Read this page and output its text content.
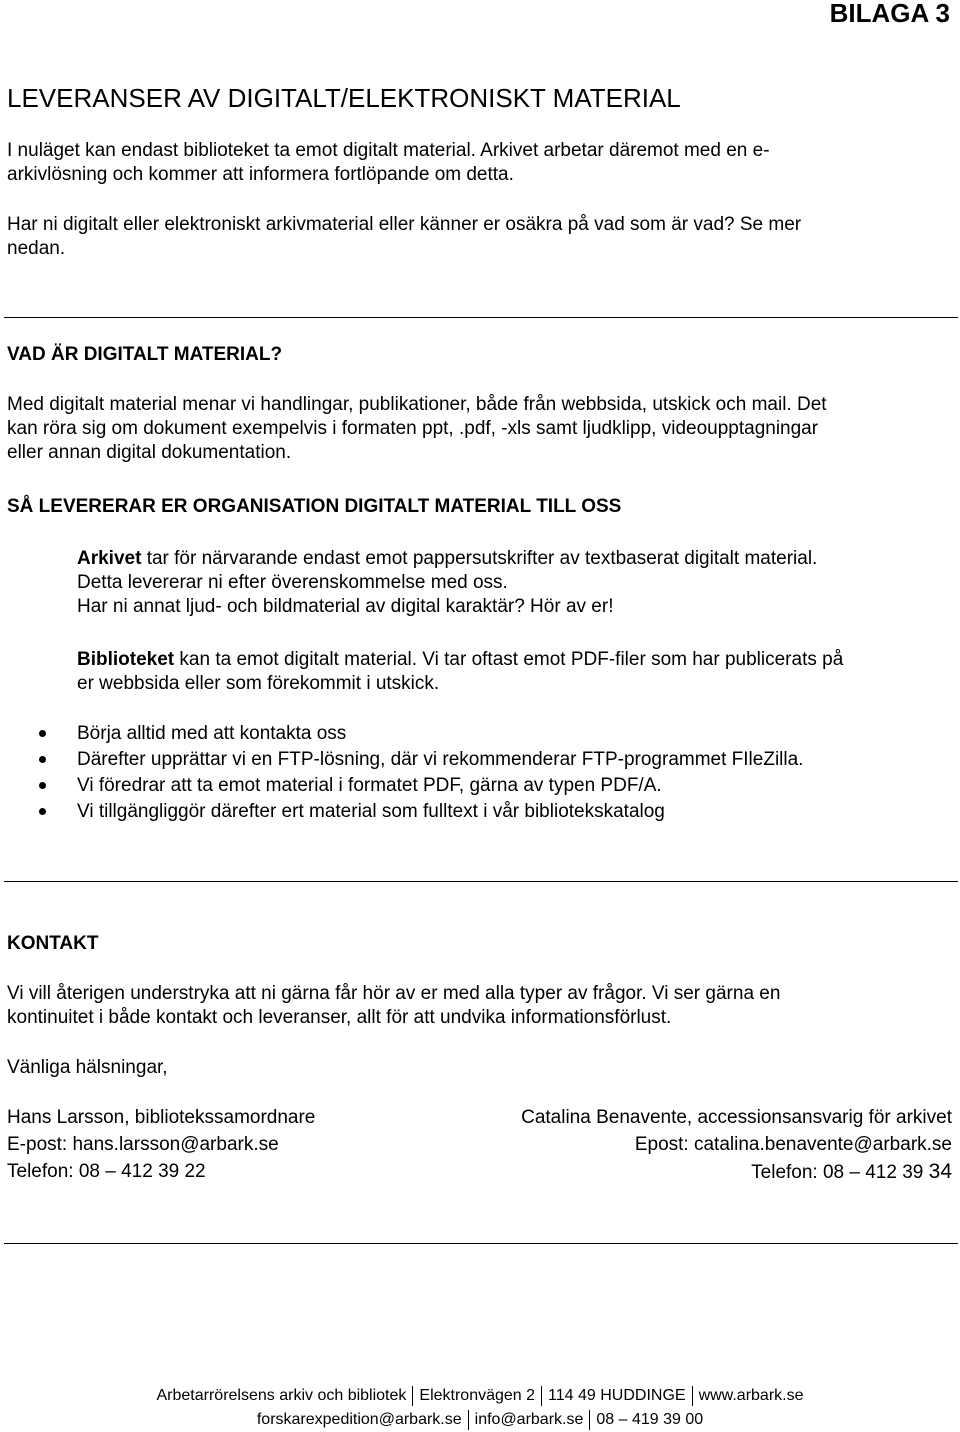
BILAGA 3
LEVERANSER AV DIGITALT/ELEKTRONISKT MATERIAL

I nuläget kan endast biblioteket ta emot digitalt material. Arkivet arbetar däremot med en e-

arkivlösning och kommer att informera fortlöpande om detta.

Har ni digitalt eller elektroniskt arkivmaterial eller känner er osäkra på vad som är vad? Se mer

nedan.

VAD ÄR DIGITALT MATERIAL?

Med digitalt material menar vi handlingar, publikationer, både från webbsida, utskick och mail. Det

kan röra sig om dokument exempelvis i formaten ppt, .pdf, -xls samt ljudklipp, videoupptagningar

eller annan digital dokumentation.

SÅ LEVERERAR ER ORGANISATION DIGITALT MATERIAL TILL OSS

Arkivet tar för närvarande endast emot pappersutskrifter av textbaserat digitalt material.

Detta levererar ni efter överenskommelse med oss.

Har ni annat ljud- och bildmaterial av digital karaktär? Hör av er!

Biblioteket kan ta emot digitalt material. Vi tar oftast emot PDF-filer som har publicerats på

er webbsida eller som förekommit i utskick.

Börja alltid med att kontakta oss
Därefter upprättar vi en FTP-lösning, där vi rekommenderar FTP-programmet FIleZilla.
Vi föredrar att ta emot material i formatet PDF, gärna av typen PDF/A.
Vi tillgängliggör därefter ert material som fulltext i vår bibliotekskatalog
KONTAKT

Vi vill återigen understryka att ni gärna får hör av er med alla typer av frågor. Vi ser gärna en

kontinuitet i både kontakt och leveranser, allt för att undvika informationsförlust.

Vänliga hälsningar,
Hans Larsson, bibliotekssamordnare
E-post: hans.larsson@arbark.se
Telefon: 08 – 412 39 22
Catalina Benavente, accessionsansvarig för arkivet
Epost: catalina.benavente@arbark.se
Telefon: 08 – 412 39 34
Arbetarrörelsens arkiv och bibliotek Elektronvägen 2 114 49 HUDDINGE www.arbark.se
forskarexpedition@arbark.se info@arbark.se 08 – 419 39 00
